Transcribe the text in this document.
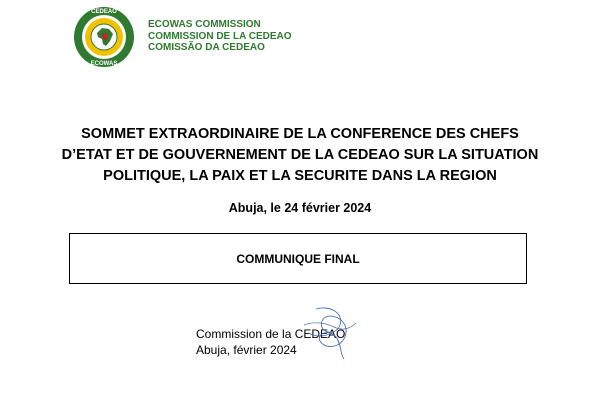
CEDEAO
ECOWAS
ECOWAS COMMISSION
COMMISSION DE LA CEDEAO
COMISSÃO DA CEDEAO
SOMMET EXTRAORDINAIRE DE LA CONFERENCE DES CHEFS D’ETAT ET DE GOUVERNEMENT DE LA CEDEAO SUR LA SITUATION POLITIQUE, LA PAIX ET LA SECURITE DANS LA REGION
Abuja, le 24 février 2024
COMMUNIQUE FINAL
Commission de la CEDEAO
Abuja, février 2024
